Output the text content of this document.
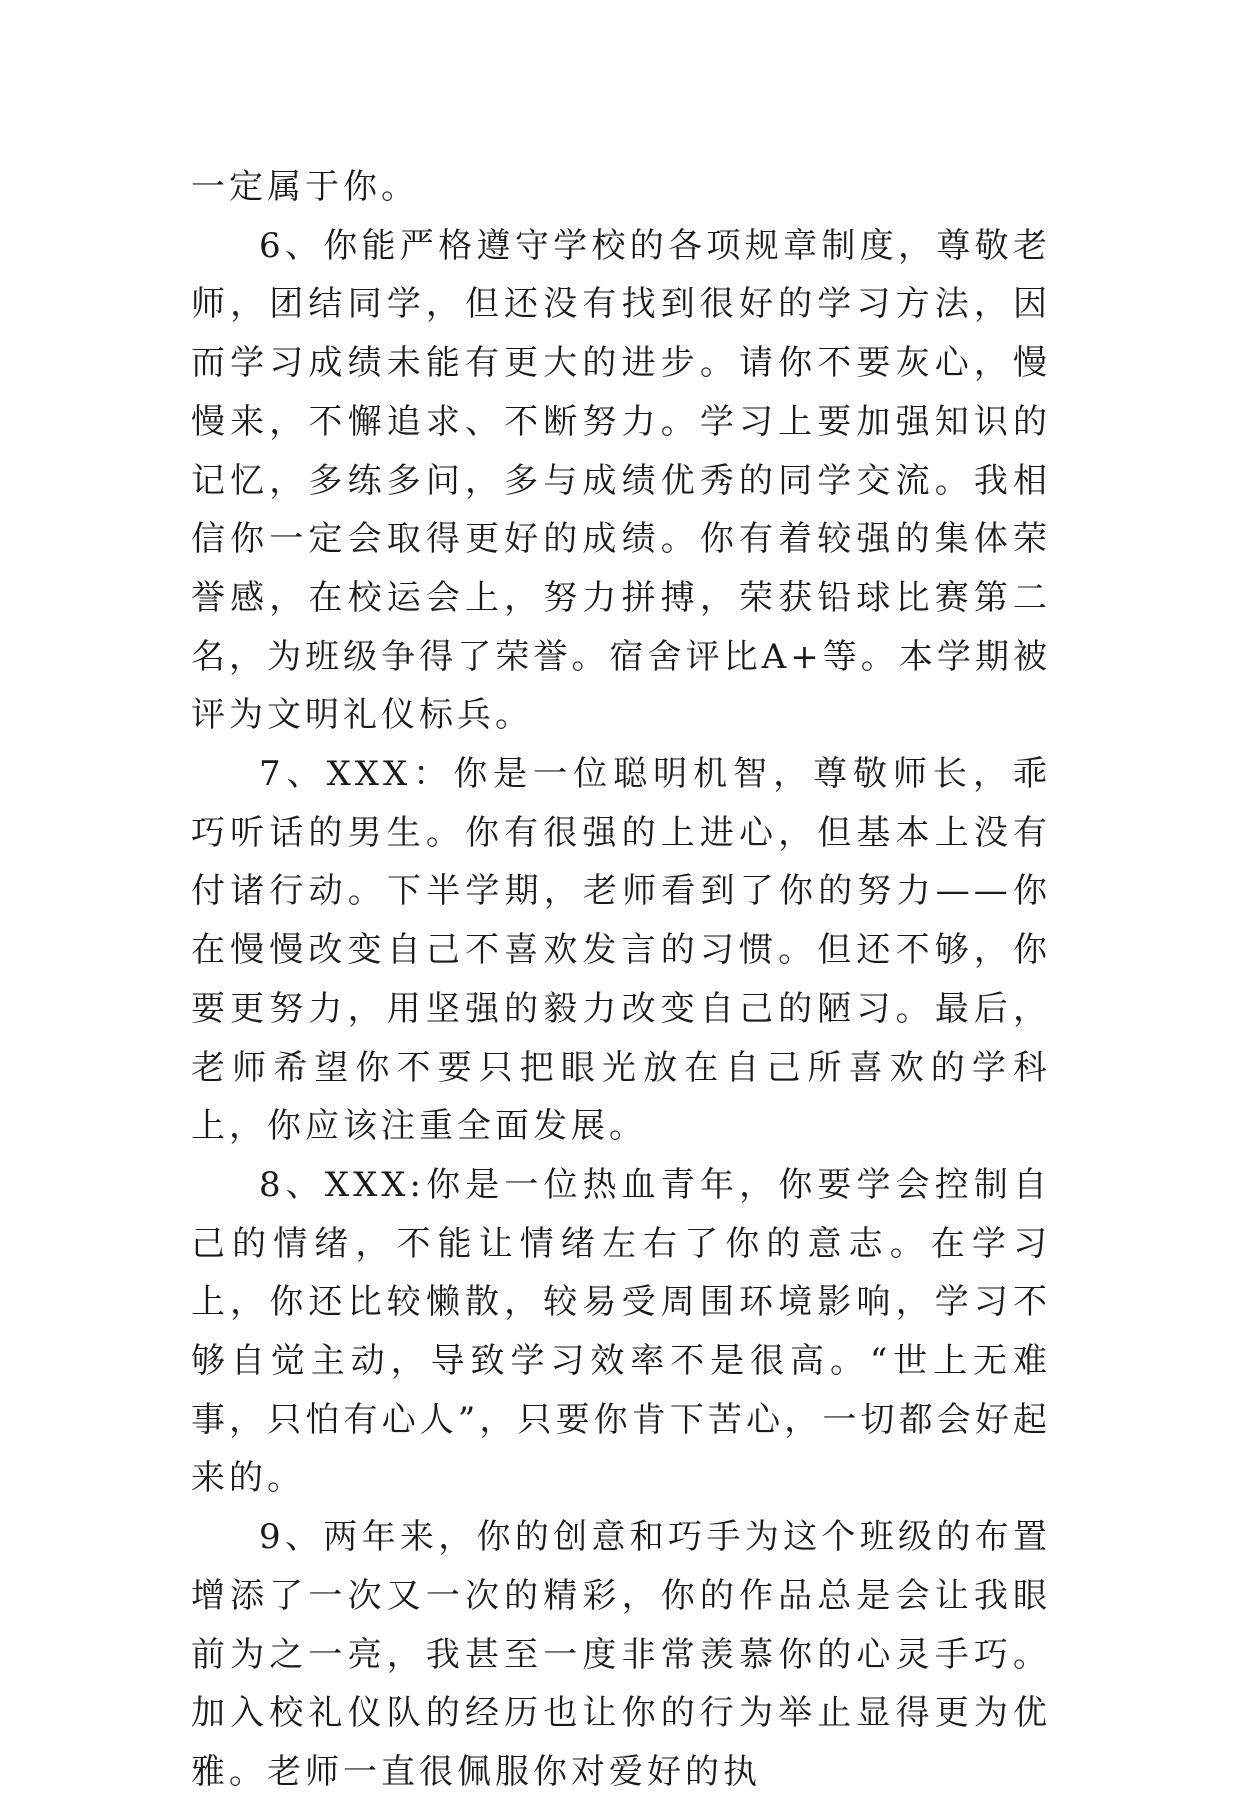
一定属于你。

6、你能严格遵守学校的各项规章制度，尊敬老师，团结同学，但还没有找到很好的学习方法，因而学习成绩未能有更大的进步。请你不要灰心，慢慢来，不懈追求、不断努力。学习上要加强知识的记忆，多练多问，多与成绩优秀的同学交流。我相信你一定会取得更好的成绩。你有着较强的集体荣誉感，在校运会上，努力拼搏，荣获铅球比赛第二名，为班级争得了荣誉。宿舍评比A+等。本学期被评为文明礼仪标兵。

7、XXX：你是一位聪明机智，尊敬师长，乖巧听话的男生。你有很强的上进心，但基本上没有付诸行动。下半学期，老师看到了你的努力——你在慢慢改变自己不喜欢发言的习惯。但还不够，你要更努力，用坚强的毅力改变自己的陋习。最后，老师希望你不要只把眼光放在自己所喜欢的学科上，你应该注重全面发展。

8、XXX:你是一位热血青年，你要学会控制自己的情绪，不能让情绪左右了你的意志。在学习上，你还比较懒散，较易受周围环境影响，学习不够自觉主动，导致学习效率不是很高。“世上无难事，只怕有心人”，只要你肯下苦心，一切都会好起来的。

9、两年来，你的创意和巧手为这个班级的布置增添了一次又一次的精彩，你的作品总是会让我眼前为之一亮，我甚至一度非常羡慕你的心灵手巧。加入校礼仪队的经历也让你的行为举止显得更为优雅。老师一直很佩服你对爱好的执
